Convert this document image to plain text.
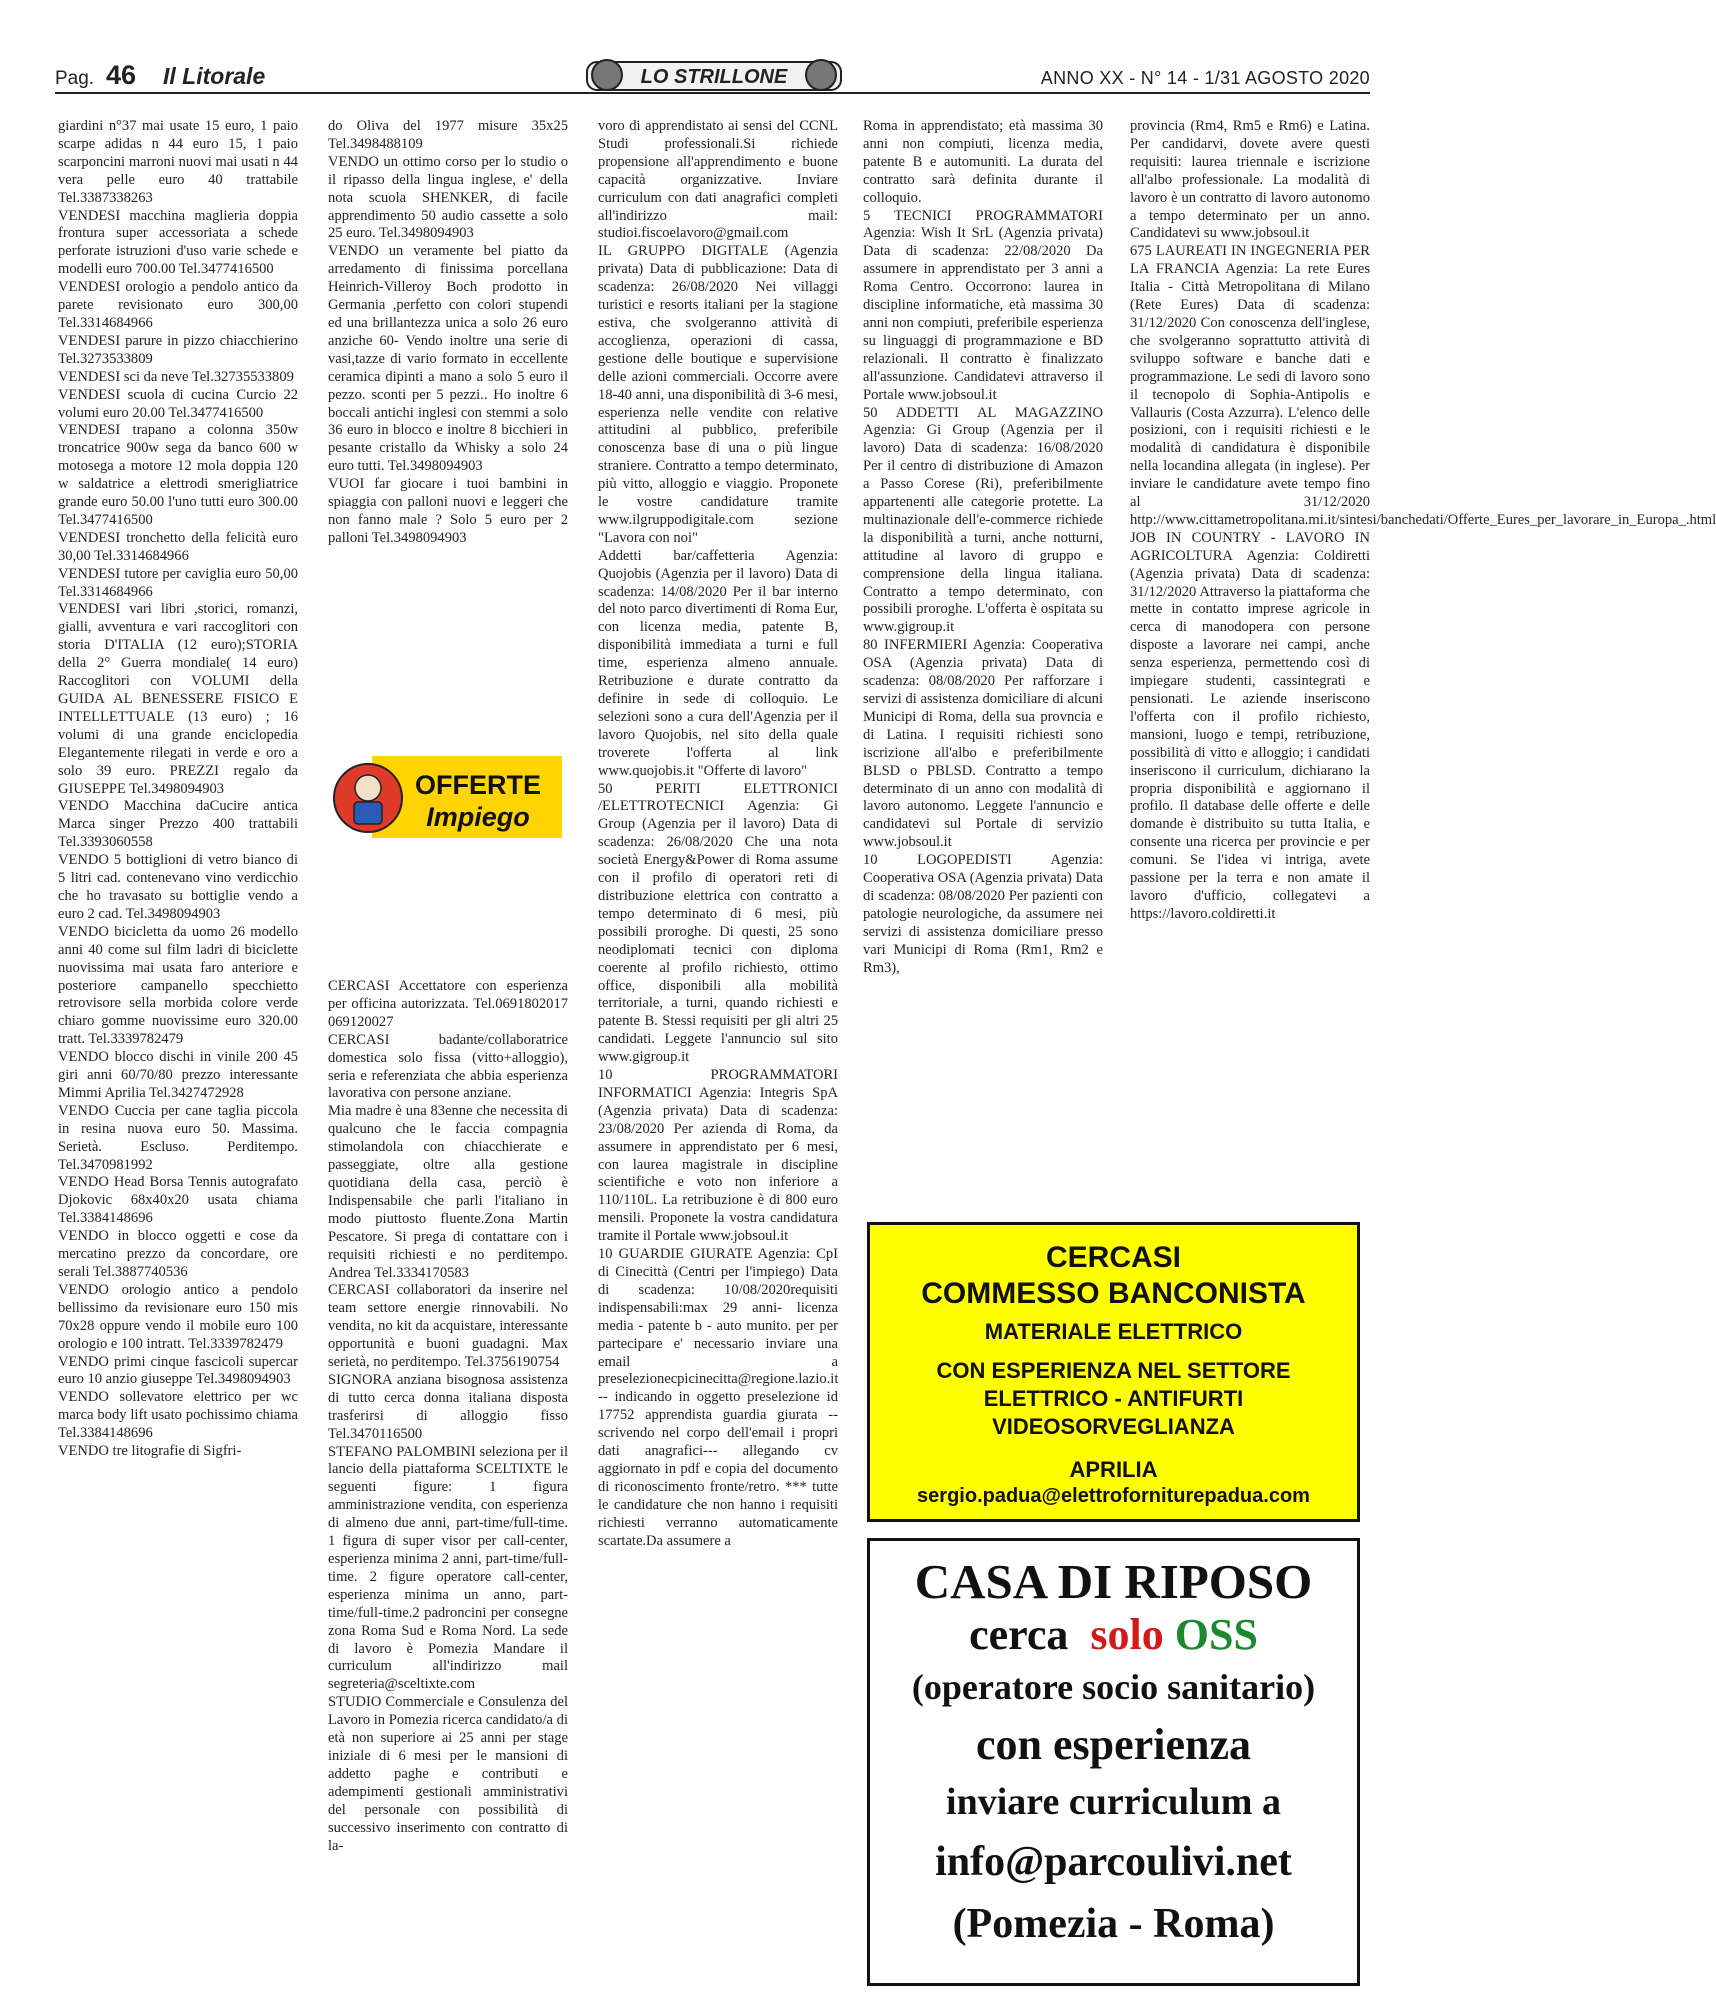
Pag. 46 Il Litorale	LO STRILLONE	ANNO XX - N° 14 - 1/31 AGOSTO 2020

giardini n°37 mai usate 15 euro, 1 paio scarpe adidas n 44 euro 15, 1 paio scarponcini marroni nuovi mai usati n 44 vera pelle euro 40 trattabile Tel.3387338263

VENDESI macchina maglieria doppia frontura super accessoriata a schede perforate istruzioni d'uso varie schede e modelli euro 700.00 Tel.3477416500

VENDESI orologio a pendolo antico da parete revisionato euro 300,00 Tel.3314684966

VENDESI parure in pizzo chiacchierino Tel.3273533809

VENDESI sci da neve Tel.32735533809

VENDESI scuola di cucina Curcio 22 volumi euro 20.00 Tel.3477416500

VENDESI trapano a colonna 350w troncatrice 900w sega da banco 600 w motosega a motore 12 mola doppia 120 w saldatrice a elettrodi smerigliatrice grande euro 50.00 l'uno tutti euro 300.00 Tel.3477416500

VENDESI tronchetto della felicità euro 30,00 Tel.3314684966

VENDESI tutore per caviglia euro 50,00 Tel.3314684966

VENDESI vari libri ,storici, romanzi, gialli, avventura e vari raccoglitori con storia D'ITALIA (12 euro);STORIA della 2° Guerra mondiale( 14 euro) Raccoglitori con VOLUMI della GUIDA AL BENESSERE FISICO E INTELLETTUALE (13 euro) ; 16 volumi di una grande enciclopedia Elegantemente rilegati in verde e oro a solo 39 euro. PREZZI regalo da GIUSEPPE Tel.3498094903

VENDO Macchina daCucire antica Marca singer Prezzo 400 trattabili Tel.3393060558

VENDO 5 bottiglioni di vetro bianco di 5 litri cad. contenevano vino verdicchio che ho travasato su bottiglie vendo a euro 2 cad. Tel.3498094903

VENDO bicicletta da uomo 26 modello anni 40 come sul film ladri di biciclette nuovissima mai usata faro anteriore e posteriore campanello specchietto retrovisore sella morbida colore verde chiaro gomme nuovissime euro 320.00 tratt. Tel.3339782479

VENDO blocco dischi in vinile 200 45 giri anni 60/70/80 prezzo interessante Mimmi Aprilia Tel.3427472928

VENDO Cuccia per cane taglia piccola in resina nuova euro 50. Massima. Serietà. Escluso. Perditempo. Tel.3470981992

VENDO Head Borsa Tennis autografato Djokovic 68x40x20 usata chiama Tel.3384148696

VENDO in blocco oggetti e cose da mercatino prezzo da concordare, ore serali Tel.3887740536

VENDO orologio antico a pendolo bellissimo da revisionare euro 150 mis 70x28 oppure vendo il mobile euro 100 orologio e 100 intratt. Tel.3339782479

VENDO primi cinque fascicoli supercar euro 10 anzio giuseppe Tel.3498094903

VENDO sollevatore elettrico per wc marca body lift usato pochissimo chiama Tel.3384148696

VENDO tre litografie di Sigfri-

do Oliva del 1977 misure 35x25 Tel.3498488109

VENDO un ottimo corso per lo studio o il ripasso della lingua inglese, e' della nota scuola SHENKER, di facile apprendimento 50 audio cassette a solo 25 euro. Tel.3498094903

VENDO un veramente bel piatto da arredamento di finissima porcellana Heinrich-Villeroy Boch prodotto in Germania ,perfetto con colori stupendi ed una brillantezza unica a solo 26 euro anziche 60- Vendo inoltre una serie di vasi,tazze di vario formato in eccellente ceramica dipinti a mano a solo 5 euro il pezzo. sconti per 5 pezzi.. Ho inoltre 6 boccali antichi inglesi con stemmi a solo 36 euro in blocco e inoltre 8 bicchieri in pesante cristallo da Whisky a solo 24 euro tutti. Tel.3498094903

VUOI far giocare i tuoi bambini in spiaggia con palloni nuovi e leggeri che non fanno male ? Solo 5 euro per 2 palloni Tel.3498094903

CERCASI Accettatore con esperienza per officina autorizzata. Tel.0691802017 069120027

CERCASI badante/collaboratrice domestica solo fissa (vitto+alloggio), seria e referenziata che abbia esperienza lavorativa con persone anziane.

Mia madre è una 83enne che necessita di qualcuno che le faccia compagnia stimolandola con chiacchierate e passeggiate, oltre alla gestione quotidiana della casa, perciò è Indispensabile che parli l'italiano in modo piuttosto fluente.Zona Martin Pescatore. Si prega di contattare con i requisiti richiesti e no perditempo. Andrea Tel.3334170583

CERCASI collaboratori da inserire nel team settore energie rinnovabili. No vendita, no kit da acquistare, interessante opportunità e buoni guadagni. Max serietà, no perditempo. Tel.3756190754

SIGNORA anziana bisognosa assistenza di tutto cerca donna italiana disposta trasferirsi di alloggio fisso Tel.3470116500

STEFANO PALOMBINI seleziona per il lancio della piattaforma SCELTIXTE le seguenti figure: 1 figura amministrazione vendita, con esperienza di almeno due anni, part-time/full-time. 1 figura di super visor per call-center, esperienza minima 2 anni, part-time/full-time. 2 figure operatore call-center, esperienza minima un anno, part-time/full-time.2 padroncini per consegne zona Roma Sud e Roma Nord. La sede di lavoro è Pomezia Mandare il curriculum all'indirizzo mail segreteria@sceltixte.com

STUDIO Commerciale e Consulenza del Lavoro in Pomezia ricerca candidato/a di età non superiore ai 25 anni per stage iniziale di 6 mesi per le mansioni di addetto paghe e contributi e adempimenti gestionali amministrativi del personale con possibilità di successivo inserimento con contratto di la-

OFFERTE
Impiego

voro di apprendistato ai sensi del CCNL Studi professionali.Si richiede propensione all'apprendimento e buone capacità organizzative. Inviare curriculum con dati anagrafici completi all'indirizzo mail: studioi.fiscoelavoro@gmail.com

IL GRUPPO DIGITALE (Agenzia privata) Data di pubblicazione: Data di scadenza: 26/08/2020 Nei villaggi turistici e resorts italiani per la stagione estiva, che svolgeranno attività di accoglienza, operazioni di cassa, gestione delle boutique e supervisione delle azioni commerciali. Occorre avere 18-40 anni, una disponibilità di 3-6 mesi, esperienza nelle vendite con relative attitudini al pubblico, preferibile conoscenza base di una o più lingue straniere. Contratto a tempo determinato, più vitto, alloggio e viaggio. Proponete le vostre candidature tramite www.ilgruppodigitale.com sezione "Lavora con noi"

Addetti bar/caffetteria Agenzia: Quojobis (Agenzia per il lavoro) Data di scadenza: 14/08/2020 Per il bar interno del noto parco divertimenti di Roma Eur, con licenza media, patente B, disponibilità immediata a turni e full time, esperienza almeno annuale. Retribuzione e durate contratto da definire in sede di colloquio. Le selezioni sono a cura dell'Agenzia per il lavoro Quojobis, nel sito della quale troverete l'offerta al link www.quojobis.it "Offerte di lavoro"

50 PERITI ELETTRONICI /ELETTROTECNICI Agenzia: Gi Group (Agenzia per il lavoro) Data di scadenza: 26/08/2020 Che una nota società Energy&Power di Roma assume con il profilo di operatori reti di distribuzione elettrica con contratto a tempo determinato di 6 mesi, più possibili proroghe. Di questi, 25 sono neodiplomati tecnici con diploma coerente al profilo richiesto, ottimo office, disponibili alla mobilità territoriale, a turni, quando richiesti e patente B. Stessi requisiti per gli altri 25 candidati. Leggete l'annuncio sul sito www.gigroup.it

10 PROGRAMMATORI INFORMATICI Agenzia: Integris SpA (Agenzia privata) Data di scadenza: 23/08/2020 Per azienda di Roma, da assumere in apprendistato per 6 mesi, con laurea magistrale in discipline scientifiche e voto non inferiore a 110/110L. La retribuzione è di 800 euro mensili. Proponete la vostra candidatura tramite il Portale www.jobsoul.it

10 GUARDIE GIURATE Agenzia: CpI di Cinecittà (Centri per l'impiego) Data di scadenza: 10/08/2020requisiti indispensabili:max 29 anni- licenza media - patente b - auto munito. per per partecipare e' necessario inviare una email a preselezionecpicinecitta@regione.lazio.it -- indicando in oggetto preselezione id 17752 apprendista guardia giurata -- scrivendo nel corpo dell'email i propri dati anagrafici--- allegando cv aggiornato in pdf e copia del documento di riconoscimento fronte/retro. *** tutte le candidature che non hanno i requisiti richiesti verranno automaticamente scartate.Da assumere a

Roma in apprendistato; età massima 30 anni non compiuti, licenza media, patente B e automuniti. La durata del contratto sarà definita durante il colloquio.

5 TECNICI PROGRAMMATORI Agenzia: Wish It SrL (Agenzia privata) Data di scadenza: 22/08/2020 Da assumere in apprendistato per 3 anni a Roma Centro. Occorrono: laurea in discipline informatiche, età massima 30 anni non compiuti, preferibile esperienza su linguaggi di programmazione e BD relazionali. Il contratto è finalizzato all'assunzione. Candidatevi attraverso il Portale www.jobsoul.it

50 ADDETTI AL MAGAZZINO Agenzia: Gi Group (Agenzia per il lavoro) Data di scadenza: 16/08/2020 Per il centro di distribuzione di Amazon a Passo Corese (Ri), preferibilmente appartenenti alle categorie protette. La multinazionale dell'e-commerce richiede la disponibilità a turni, anche notturni, attitudine al lavoro di gruppo e comprensione della lingua italiana. Contratto a tempo determinato, con possibili proroghe. L'offerta è ospitata su www.gigroup.it

80 INFERMIERI Agenzia: Cooperativa OSA (Agenzia privata) Data di scadenza: 08/08/2020 Per rafforzare i servizi di assistenza domiciliare di alcuni Municipi di Roma, della sua provncia e di Latina. I requisiti richiesti sono iscrizione all'albo e preferibilmente BLSD o PBLSD. Contratto a tempo determinato di un anno con modalità di lavoro autonomo. Leggete l'annuncio e candidatevi sul Portale di servizio www.jobsoul.it

10 LOGOPEDISTI Agenzia: Cooperativa OSA (Agenzia privata) Data di scadenza: 08/08/2020 Per pazienti con patologie neurologiche, da assumere nei servizi di assistenza domiciliare presso vari Municipi di Roma (Rm1, Rm2 e Rm3),

provincia (Rm4, Rm5 e Rm6) e Latina. Per candidarvi, dovete avere questi requisiti: laurea triennale e iscrizione all'albo professionale. La modalità di lavoro è un contratto di lavoro autonomo a tempo determinato per un anno. Candidatevi su www.jobsoul.it

675 LAUREATI IN INGEGNERIA PER LA FRANCIA Agenzia: La rete Eures Italia - Città Metropolitana di Milano (Rete Eures) Data di scadenza: 31/12/2020 Con conoscenza dell'inglese, che svolgeranno soprattutto attività di sviluppo software e banche dati e programmazione. Le sedi di lavoro sono il tecnopolo di Sophia-Antipolis e Vallauris (Costa Azzurra). L'elenco delle posizioni, con i requisiti richiesti e le modalità di candidatura è disponibile nella locandina allegata (in inglese). Per inviare le candidature avete tempo fino al 31/12/2020 http://www.cittametropolitana.mi.it/sintesi/banchedati/Offerte_Eures_per_lavorare_in_Europa_.html

JOB IN COUNTRY - LAVORO IN AGRICOLTURA Agenzia: Coldiretti (Agenzia privata) Data di scadenza: 31/12/2020 Attraverso la piattaforma che mette in contatto imprese agricole in cerca di manodopera con persone disposte a lavorare nei campi, anche senza esperienza, permettendo così di impiegare studenti, cassintegrati e pensionati. Le aziende inseriscono l'offerta con il profilo richiesto, mansioni, luogo e tempi, retribuzione, possibilità di vitto e alloggio; i candidati inseriscono il curriculum, dichiarano la propria disponibilità e aggiornano il profilo. Il database delle offerte e delle domande è distribuito su tutta Italia, e consente una ricerca per provincie e per comuni. Se l'idea vi intriga, avete passione per la terra e non amate il lavoro d'ufficio, collegatevi a https://lavoro.coldiretti.it

CERCASI
COMMESSO BANCONISTA
MATERIALE ELETTRICO
CON ESPERIENZA NEL SETTORE
ELETTRICO - ANTIFURTI
VIDEOSORVEGLIANZA
APRILIA
sergio.padua@elettroforniturepadua.com
CASA DI RIPOSO
cerca solo OSS
(operatore socio sanitario)
con esperienza
inviare curriculum a
info@parcoulivi.net
(Pomezia - Roma)
